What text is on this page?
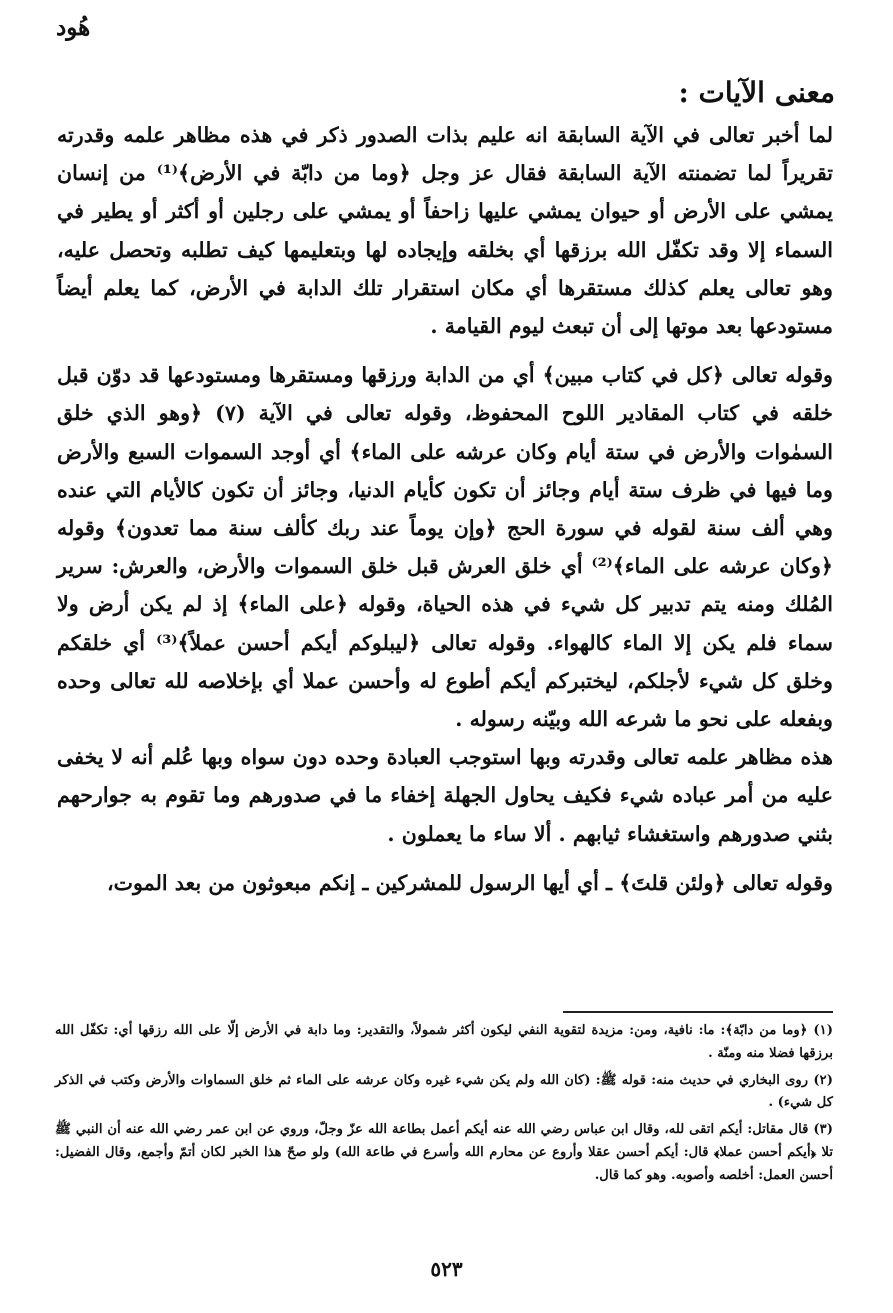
هُود
معنى الآيات :

لما أخبر تعالى في الآية السابقة انه عليم بذات الصدور ذكر في هذه مظاهر علمه وقدرته تقريراً لما تضمنته الآية السابقة فقال عز وجل ﴿وما من دابّة في الأرض﴾⁽¹⁾ من إنسان يمشي على الأرض أو حيوان يمشي عليها زاحفاً أو يمشي على رجلين أو أكثر أو يطير في السماء إلا وقد تكفّل الله برزقها أي بخلقه وإيجاده لها وبتعليمها كيف تطلبه وتحصل عليه، وهو تعالى يعلم كذلك مستقرها أي مكان استقرار تلك الدابة في الأرض، كما يعلم أيضاً مستودعها بعد موتها إلى أن تبعث ليوم القيامة .

وقوله تعالى ﴿كل في كتاب مبين﴾ أي من الدابة ورزقها ومستقرها ومستودعها قد دوّن قبل خلقه في كتاب المقادير اللوح المحفوظ، وقوله تعالى في الآية (٧) ﴿وهو الذي خلق السمٰوات والأرض في ستة أيام وكان عرشه على الماء﴾ أي أوجد السموات السبع والأرض وما فيها في ظرف ستة أيام وجائز أن تكون كأيام الدنيا، وجائز أن تكون كالأيام التي عنده وهي ألف سنة لقوله في سورة الحج ﴿وإن يوماً عند ربك كألف سنة مما تعدون﴾ وقوله ﴿وكان عرشه على الماء﴾⁽²⁾ أي خلق العرش قبل خلق السموات والأرض، والعرش: سرير المُلك ومنه يتم تدبير كل شيء في هذه الحياة، وقوله ﴿على الماء﴾ إذ لم يكن أرض ولا سماء فلم يكن إلا الماء كالهواء. وقوله تعالى ﴿ليبلوكم أيكم أحسن عملاً﴾⁽³⁾ أي خلقكم وخلق كل شيء لأجلكم، ليختبركم أيكم أطوع له وأحسن عملا أي بإخلاصه لله تعالى وحده وبفعله على نحو ما شرعه الله وبيّنه رسوله .

هذه مظاهر علمه تعالى وقدرته وبها استوجب العبادة وحده دون سواه وبها عُلم أنه لا يخفى عليه من أمر عباده شيء فكيف يحاول الجهلة إخفاء ما في صدورهم وما تقوم به جوارحهم بثني صدورهم واستغشاء ثيابهم . ألا ساء ما يعملون .

وقوله تعالى ﴿ولئن قلتَ﴾ ـ أي أيها الرسول للمشركين ـ إنكم مبعوثون من بعد الموت،

(١) ﴿وما من دابّة﴾: ما: نافية، ومن: مزيدة لتقوية النفي ليكون أكثر شمولاً، والتقدير: وما دابة في الأرض إلّا على الله رزقها أي: تكفّل الله برزقها فضلا منه ومنّة .

(٢) روى البخاري في حديث منه: قوله ﷺ: (كان الله ولم يكن شيء غيره وكان عرشه على الماء ثم خلق السماوات والأرض وكتب في الذكر كل شيء) .

(٣) قال مقاتل: أيكم اتقى لله، وقال ابن عباس رضي الله عنه أيكم أعمل بطاعة الله عزّ وجلّ، وروي عن ابن عمر رضي الله عنه أن النبي ﷺ تلا ﴿أيكم أحسن عملا﴾ قال: أيكم أحسن عقلا وأروع عن محارم الله وأسرع في طاعة الله) ولو صحّ هذا الخبر لكان أتمّ وأجمع، وقال الفضيل: أحسن العمل: أخلصه وأصوبه. وهو كما قال.

٥٢٣
